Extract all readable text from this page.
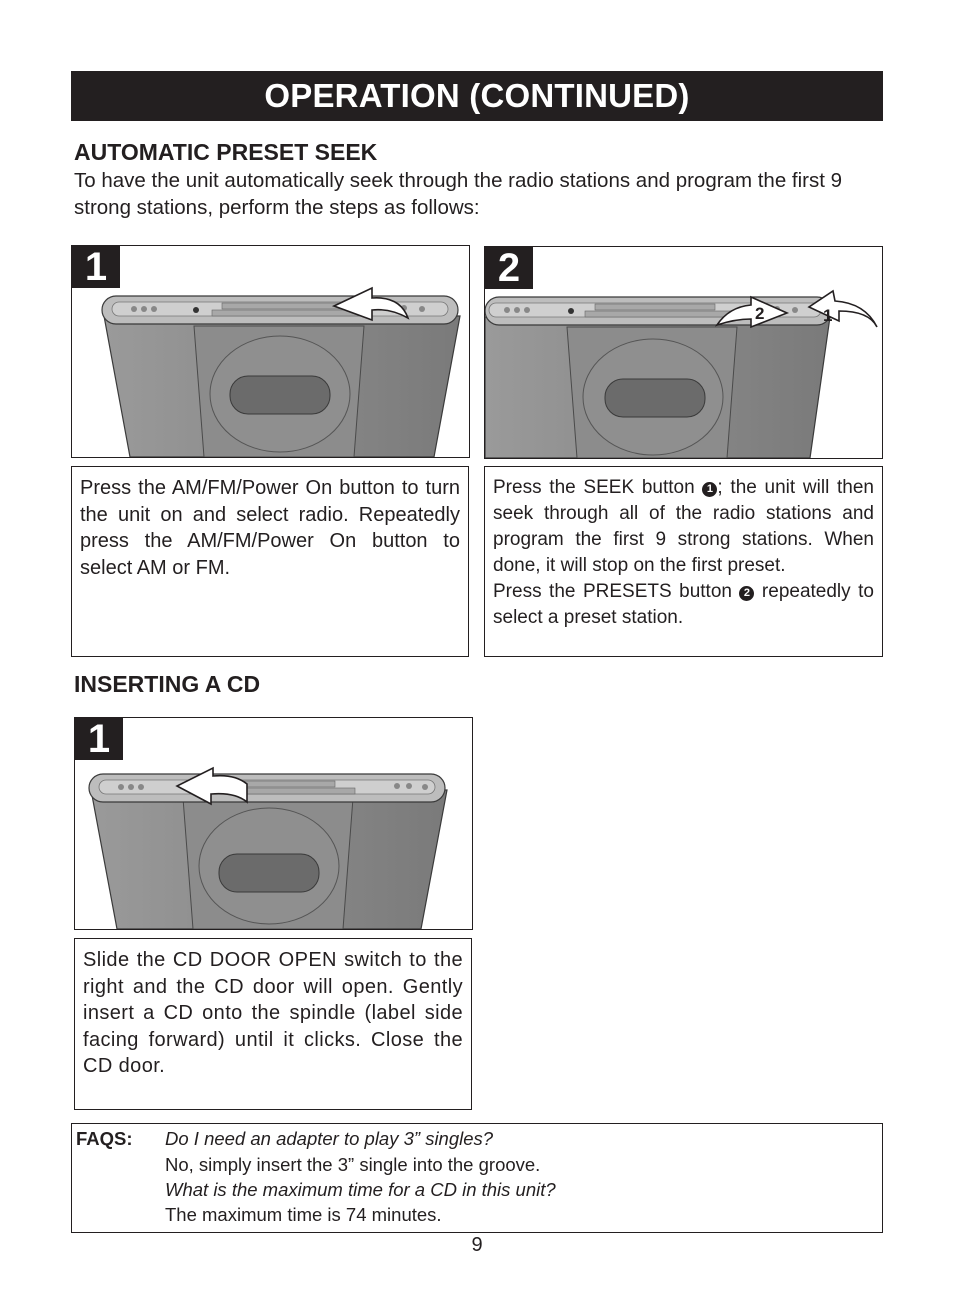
OPERATION (CONTINUED)
AUTOMATIC PRESET SEEK
To have the unit automatically seek through the radio stations and program the first 9 strong stations, perform the steps as follows:
1
2	1
2

Press the AM/FM/Power On button to turn the unit on and select radio. Repeatedly press the AM/FM/Power On button to select AM or FM.

Press the SEEK button 1 ; the unit will then seek through all of the radio stations and program the first 9 strong stations. When done, it will stop on the first preset.

Press the PRESETS button 2 repeatedly to select a preset station.

INSERTING A CD
1

Slide the CD DOOR OPEN switch to the right and the CD door will open. Gently insert a CD onto the spindle (label side facing forward) until it clicks. Close the CD door.

FAQS: Do I need an adapter to play 3” singles?
No, simply insert the 3” single into the groove.
What is the maximum time for a CD in this unit?
The maximum time is 74 minutes.
9
